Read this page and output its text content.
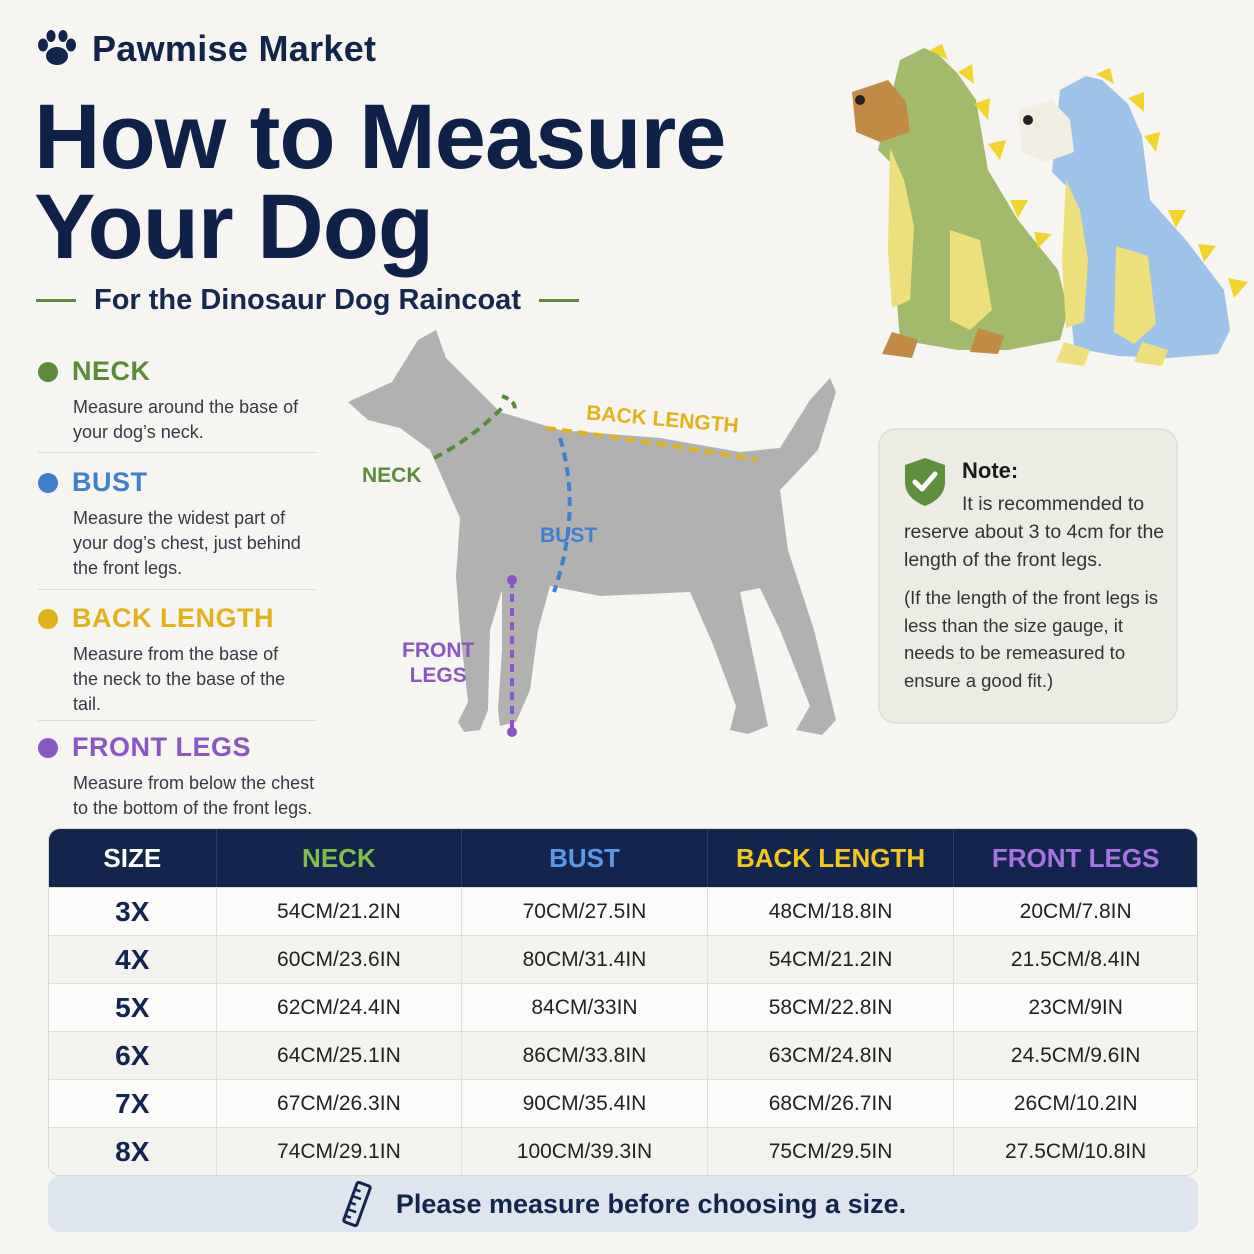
Pawmise Market
How to Measure
Your Dog
For the Dinosaur Dog Raincoat
NECK
Measure around the base of your dog’s neck.
BUST
Measure the widest part of your dog’s chest, just behind the front legs.
BACK LENGTH
Measure from the base of the neck to the base of the tail.
FRONT LEGS
Measure from below the chest to the bottom of the front legs.
NECK
BACK LENGTH
BUST
FRONT
LEGS
Note:
It is recommended to reserve about 3 to 4cm for the length of the front legs.
(If the length of the front legs is less than the size gauge, it needs to be remeasured to ensure a good fit.)
SIZE	NECK	BUST	BACK LENGTH	FRONT LEGS
3X	54CM/21.2IN	70CM/27.5IN	48CM/18.8IN	20CM/7.8IN
4X	60CM/23.6IN	80CM/31.4IN	54CM/21.2IN	21.5CM/8.4IN
5X	62CM/24.4IN	84CM/33IN	58CM/22.8IN	23CM/9IN
6X	64CM/25.1IN	86CM/33.8IN	63CM/24.8IN	24.5CM/9.6IN
7X	67CM/26.3IN	90CM/35.4IN	68CM/26.7IN	26CM/10.2IN
8X	74CM/29.1IN	100CM/39.3IN	75CM/29.5IN	27.5CM/10.8IN
Please measure before choosing a size.
